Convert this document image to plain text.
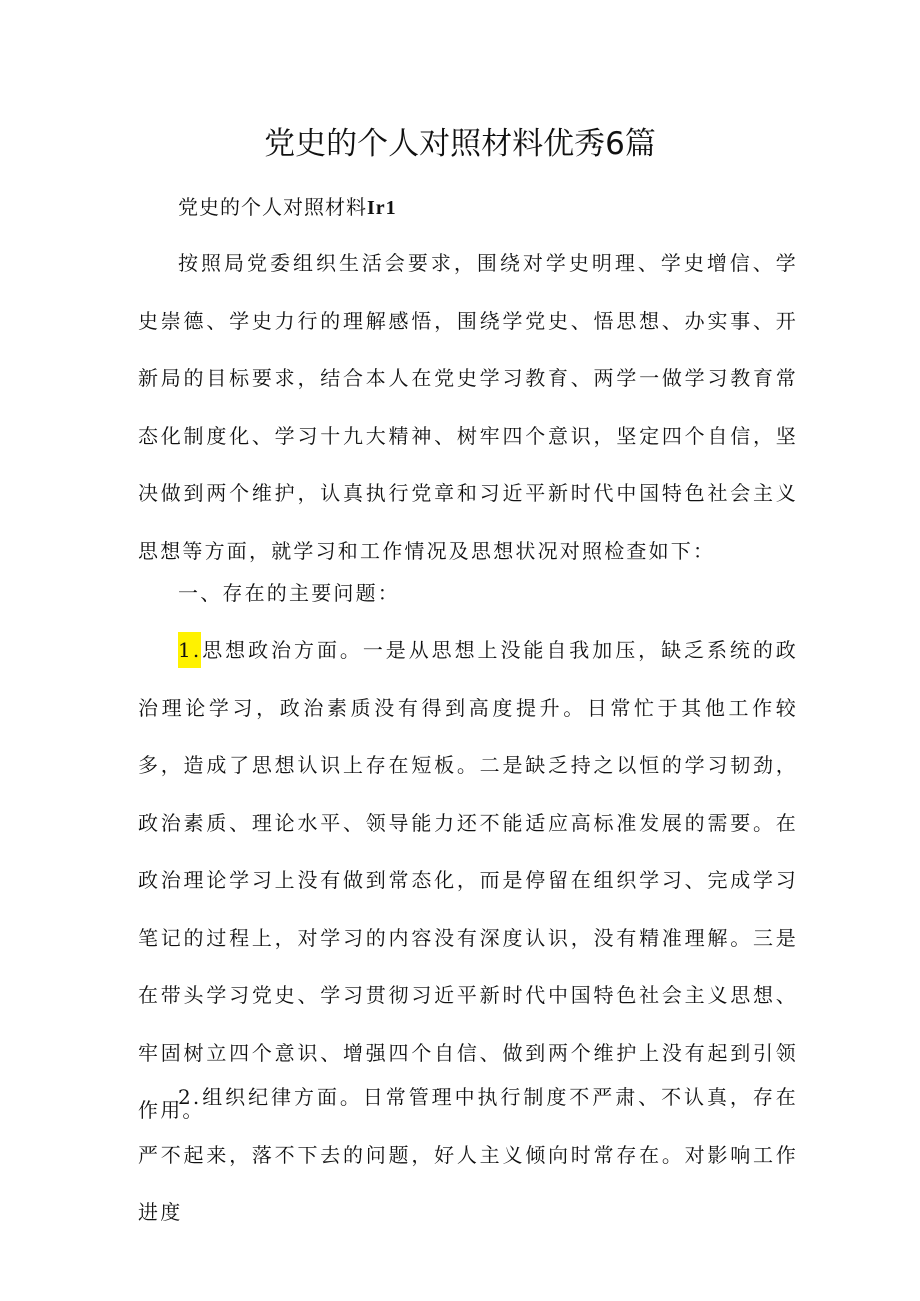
党史的个人对照材料优秀6篇
党史的个人对照材料Ir1

按照局党委组织生活会要求，围绕对学史明理、学史增信、学史崇德、学史力行的理解感悟，围绕学党史、悟思想、办实事、开新局的目标要求，结合本人在党史学习教育、两学一做学习教育常态化制度化、学习十九大精神、树牢四个意识，坚定四个自信，坚决做到两个维护，认真执行党章和习近平新时代中国特色社会主义思想等方面，就学习和工作情况及思想状况对照检查如下：

一、存在的主要问题：

1.思想政治方面。一是从思想上没能自我加压，缺乏系统的政治理论学习，政治素质没有得到高度提升。日常忙于其他工作较多，造成了思想认识上存在短板。二是缺乏持之以恒的学习韧劲，政治素质、理论水平、领导能力还不能适应高标准发展的需要。在政治理论学习上没有做到常态化，而是停留在组织学习、完成学习笔记的过程上，对学习的内容没有深度认识，没有精准理解。三是在带头学习党史、学习贯彻习近平新时代中国特色社会主义思想、牢固树立四个意识、增强四个自信、做到两个维护上没有起到引领作用。

2.组织纪律方面。日常管理中执行制度不严肃、不认真，存在严不起来，落不下去的问题，好人主义倾向时常存在。对影响工作进度
